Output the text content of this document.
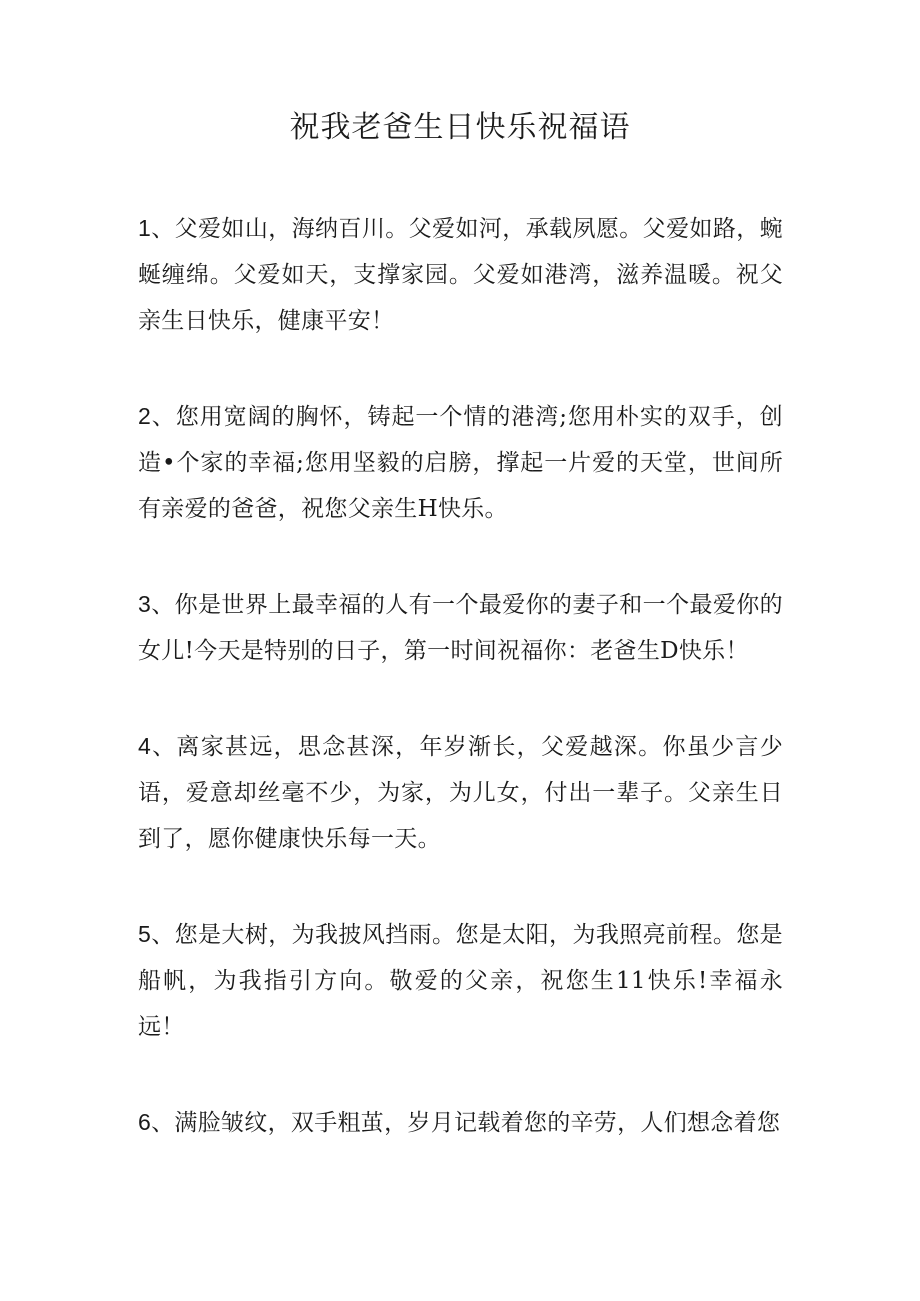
祝我老爸生日快乐祝福语

1、父爱如山，海纳百川。父爱如河，承载夙愿。父爱如路，蜿蜒缠绵。父爱如天，支撑家园。父爱如港湾，滋养温暖。祝父亲生日快乐，健康平安！

2、您用宽阔的胸怀，铸起一个情的港湾;您用朴实的双手，创造•个家的幸福;您用坚毅的启膀，撑起一片爱的天堂，世间所有亲爱的爸爸，祝您父亲生H快乐。

3、你是世界上最幸福的人有一个最爱你的妻子和一个最爱你的女儿!今天是特别的日子，第一时间祝福你：老爸生D快乐！

4、离家甚远，思念甚深，年岁渐长，父爱越深。你虽少言少语，爱意却丝毫不少，为家，为儿女，付出一辈子。父亲生日到了，愿你健康快乐每一天。

5、您是大树，为我披风挡雨。您是太阳，为我照亮前程。您是船帆，为我指引方向。敬爱的父亲，祝您生11快乐!幸福永远！

6、满脸皱纹，双手粗茧，岁月记载着您的辛劳，人们想念着您
